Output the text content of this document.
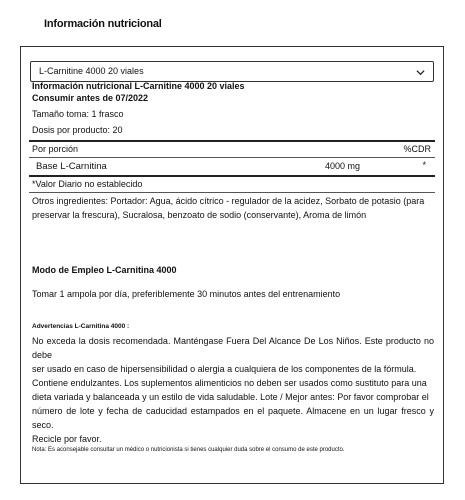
Información nutricional
L-Carnitine 4000 20 viales
Información nutricional L-Carnitine 4000 20 viales
Consumir antes de 07/2022
Tamaño toma: 1 frasco
Dosis por producto: 20
Por porción	%CDR
Base L-Carnitina	4000 mg	*
*Valor Diario no establecido
Otros ingredientes: Portador: Agua, ácido cítrico - regulador de la acidez, Sorbato de potasio (para
preservar la frescura), Sucralosa, benzoato de sodio (conservante), Aroma de limón
Modo de Empleo L-Carnitina 4000
Tomar 1 ampola por día, preferiblemente 30 minutos antes del entrenamiento
Advertencias L-Carnitina 4000 :
No exceda la dosis recomendada. Manténgase Fuera Del Alcance De Los Niños. Este producto no debe
ser usado en caso de hipersensibilidad o alergia a cualquiera de los componentes de la fórmula.
Contiene endulzantes. Los suplementos alimenticios no deben ser usados como sustituto para una
dieta variada y balanceada y un estilo de vida saludable. Lote / Mejor antes: Por favor comprobar el
número de lote y fecha de caducidad estampados en el paquete. Almacene en un lugar fresco y seco.
Recicle por favor.
Nota: Es aconsejable consultar un médico o nutricionista si tienes cualquier duda sobre el consumo de este producto.
